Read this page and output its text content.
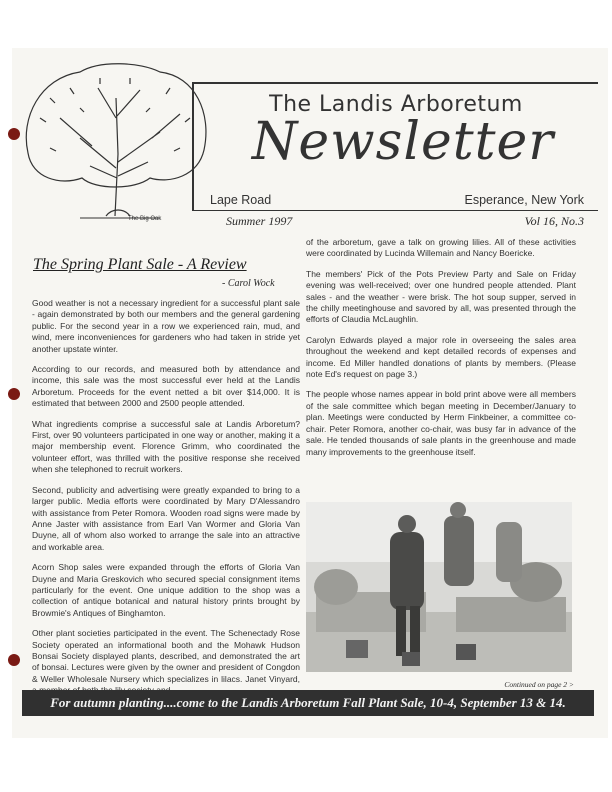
The Big Oak
The Landis Arboretum
Newsletter
Lape Road	Esperance, New York
Summer 1997	Vol 16, No.3
The Spring Plant Sale - A Review
- Carol Wock

Good weather is not a necessary ingredient for a successful plant sale - again demonstrated by both our members and the general gardening public. For the second year in a row we experienced rain, mud, and wind, mere inconveniences for gardeners who had taken in stride yet another upstate winter.

According to our records, and measured both by attendance and income, this sale was the most successful ever held at the Landis Arboretum. Proceeds for the event netted a bit over $14,000. It is estimated that between 2000 and 2500 people attended.

What ingredients comprise a successful sale at Landis Arboretum? First, over 90 volunteers participated in one way or another, making it a major membership event. Florence Grimm, who coordinated the volunteer effort, was thrilled with the positive response she received when she telephoned to recruit workers.

Second, publicity and advertising were greatly expanded to bring to a larger public. Media efforts were coordinated by Mary D'Alessandro with assistance from Peter Romora. Wooden road signs were made by Anne Jaster with assistance from Earl Van Wormer and Gloria Van Duyne, all of whom also worked to arrange the sale into an attractive and workable area.

Acorn Shop sales were expanded through the efforts of Gloria Van Duyne and Maria Greskovich who secured special consignment items particularly for the event. One unique addition to the shop was a collection of antique botanical and natural history prints brought by Browmie's Antiques of Binghamton.

Other plant societies participated in the event. The Schenectady Rose Society operated an informational booth and the Mohawk Hudson Bonsai Society displayed plants, described, and demonstrated the art of bonsai. Lectures were given by the owner and president of Congdon & Weller Wholesale Nursery which specializes in lilacs. Janet Vinyard,

of the arboretum, gave a talk on growing lilies. All of these activities were coordinated by Lucinda Willemain and Nancy Boericke.

The members' Pick of the Pots Preview Party and Sale on Friday evening was well-received; over one hundred people attended. Plant sales - and the weather - were brisk. The hot soup supper, served in the chilly meetinghouse and savored by all, was presented through the efforts of Claudia McLaughlin.

Carolyn Edwards played a major role in overseeing the sales area throughout the weekend and kept detailed records of expenses and income. Ed Miller handled donations of plants by members. (Please note Ed's request on page 3.)

The people whose names appear in bold print above were all members of the sale committee which began meeting in December/January to plan. Meetings were conducted by Herm Finkbeiner, a committee co-chair. Peter Romora, another co-chair, was busy far in advance of the sale. He tended thousands of sale plants in the greenhouse and made many improvements to the greenhouse itself.

Continued on page 2 >
For autumn planting....come to the Landis Arboretum Fall Plant Sale, 10-4, September 13 & 14.
